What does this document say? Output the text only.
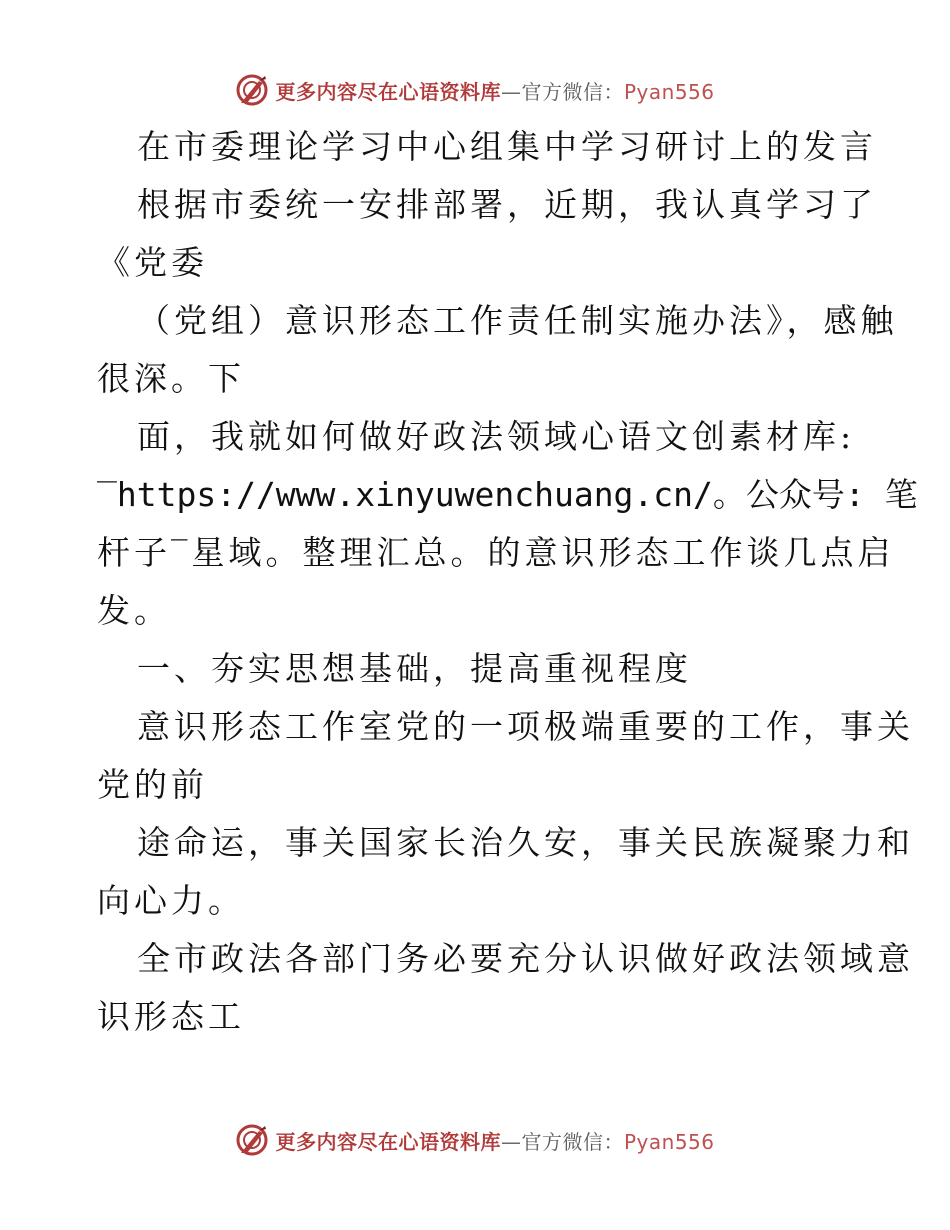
更多内容尽在心语资料库—官方微信：Pyan556
在市委理论学习中心组集中学习研讨上的发言
根据市委统一安排部署，近期，我认真学习了
《党委
（党组）意识形态工作责任制实施办法》，感触
很深。下
面，我就如何做好政法领域心语文创素材库:
‾https://www.xinyuwenchuang.cn/。公众号: 笔
杆子‾星域。整理汇总。的意识形态工作谈几点启
发。
一、夯实思想基础，提高重视程度
意识形态工作室党的一项极端重要的工作，事关
党的前
途命运，事关国家长治久安，事关民族凝聚力和
向心力。
全市政法各部门务必要充分认识做好政法领域意
识形态工
更多内容尽在心语资料库—官方微信：Pyan556
